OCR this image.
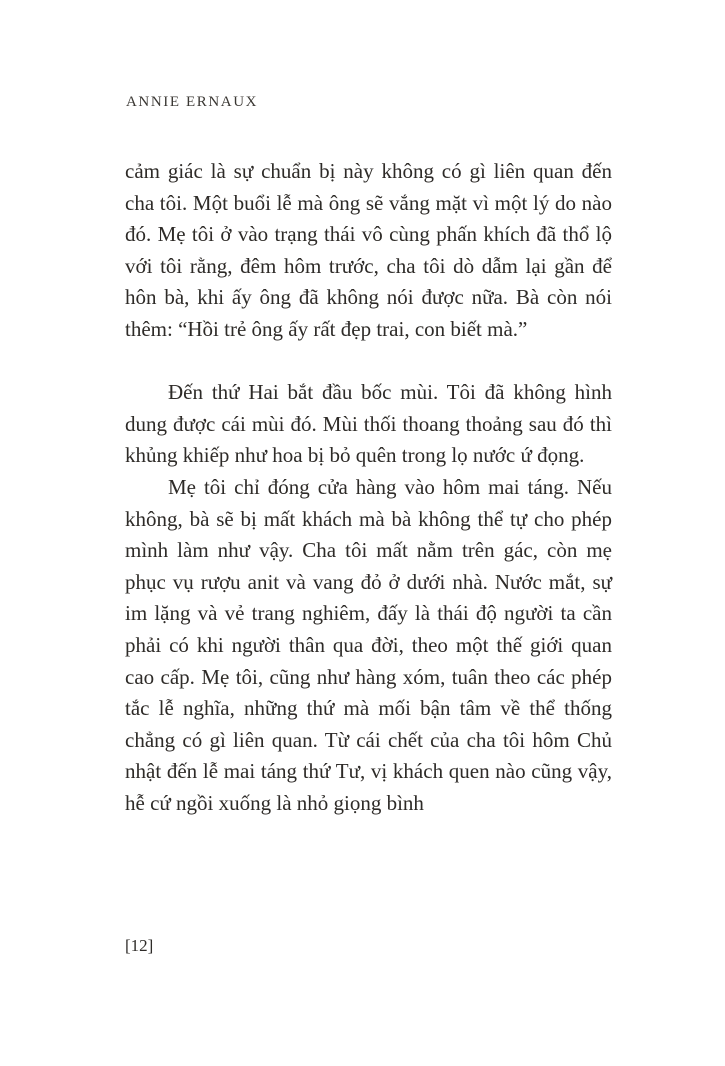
ANNIE ERNAUX

cảm giác là sự chuẩn bị này không có gì liên quan đến cha tôi. Một buổi lễ mà ông sẽ vắng mặt vì một lý do nào đó. Mẹ tôi ở vào trạng thái vô cùng phấn khích đã thổ lộ với tôi rằng, đêm hôm trước, cha tôi dò dẫm lại gần để hôn bà, khi ấy ông đã không nói được nữa. Bà còn nói thêm: “Hồi trẻ ông ấy rất đẹp trai, con biết mà.”

Đến thứ Hai bắt đầu bốc mùi. Tôi đã không hình dung được cái mùi đó. Mùi thối thoang thoảng sau đó thì khủng khiếp như hoa bị bỏ quên trong lọ nước ứ đọng.

Mẹ tôi chỉ đóng cửa hàng vào hôm mai táng. Nếu không, bà sẽ bị mất khách mà bà không thể tự cho phép mình làm như vậy. Cha tôi mất nằm trên gác, còn mẹ phục vụ rượu anit và vang đỏ ở dưới nhà. Nước mắt, sự im lặng và vẻ trang nghiêm, đấy là thái độ người ta cần phải có khi người thân qua đời, theo một thế giới quan cao cấp. Mẹ tôi, cũng như hàng xóm, tuân theo các phép tắc lễ nghĩa, những thứ mà mối bận tâm về thể thống chẳng có gì liên quan. Từ cái chết của cha tôi hôm Chủ nhật đến lễ mai táng thứ Tư, vị khách quen nào cũng vậy, hễ cứ ngồi xuống là nhỏ giọng bình

[12]
